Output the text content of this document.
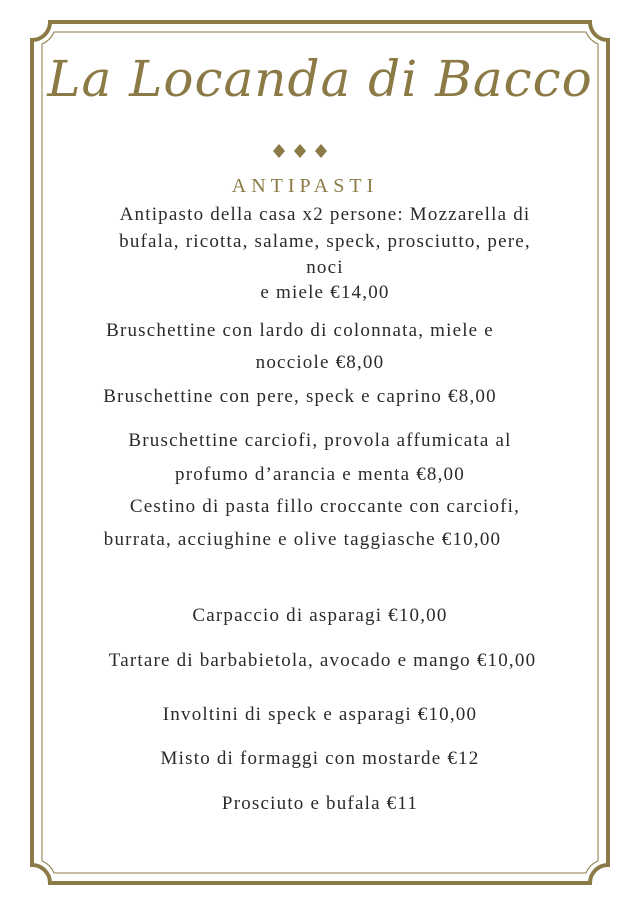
La Locanda di Bacco
ANTIPASTI
Antipasto della casa x2 persone: Mozzarella di
bufala, ricotta, salame, speck, prosciutto, pere,
noci
e miele €14,00
Bruschettine con lardo di colonnata, miele e
nocciole €8,00
Bruschettine con pere, speck e caprino €8,00
Bruschettine carciofi, provola affumicata al
profumo d’arancia e menta €8,00
Cestino di pasta fillo croccante con carciofi,
burrata, acciughine e olive taggiasche €10,00
Carpaccio di asparagi €10,00
Tartare di barbabietola, avocado e mango €10,00
Involtini di speck e asparagi €10,00
Misto di formaggi con mostarde €12
Prosciuto e bufala €11
